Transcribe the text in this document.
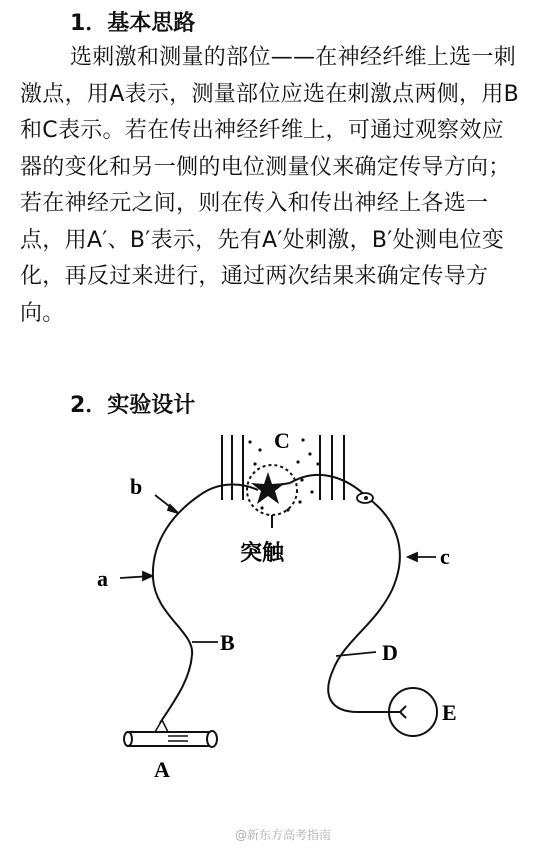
1．基本思路
选刺激和测量的部位——在神经纤维上选一刺激点，用A表示，测量部位应选在刺激点两侧，用B和C表示。若在传出神经纤维上，可通过观察效应器的变化和另一侧的电位测量仪来确定传导方向；若在神经元之间，则在传入和传出神经上各选一点，用A′、B′表示，先有A′处刺激，B′处测电位变化，再反过来进行，通过两次结果来确定传导方向。
2．实验设计
C
b
a
B
c
D
E
A
突触
@新东方高考指南
